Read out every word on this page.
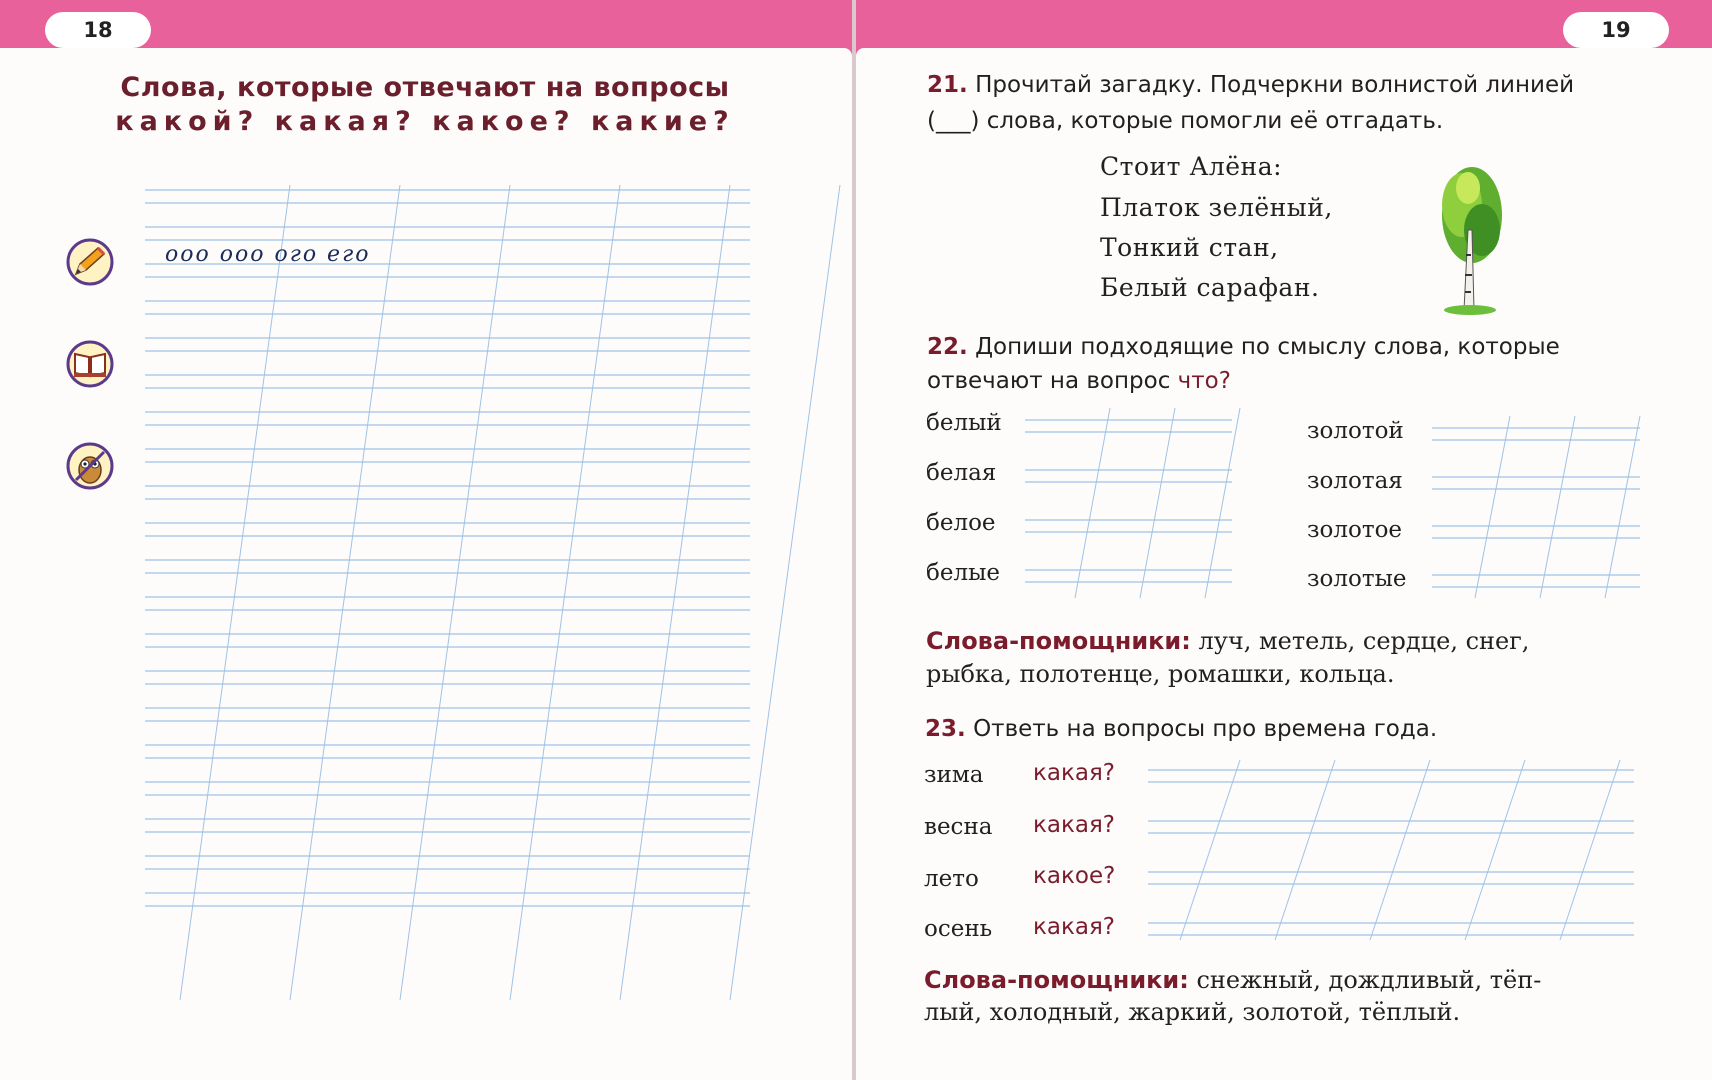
18	19
Слова, которые отвечают на вопросы
какой? какая? какое? какие?
ооо ооо ого его
21. Прочитай загадку. Подчеркни волнистой линией
(___) слова, которые помогли её отгадать.
Стоит Алёна:
Платок зелёный,
Тонкий стан,
Белый сарафан.
22. Допиши подходящие по смыслу слова, которые
отвечают на вопрос что?
белый
белая
белое
белые
золотой
золотая
золотое
золотые
Слова-помощники: луч, метель, сердце, снег,
рыбка, полотенце, ромашки, кольца.
23. Ответь на вопросы про времена года.
зима какая?
весна какая?
лето какое?
осень какая?
Слова-помощники: снежный, дождливый, тёп-
лый, холодный, жаркий, золотой, тёплый.
